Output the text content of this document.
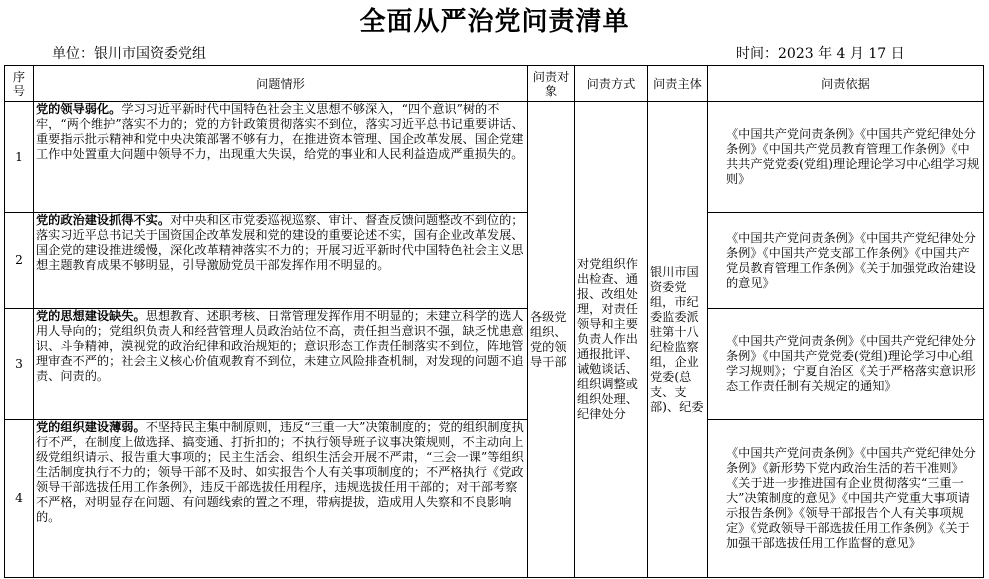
全面从严治党问责清单
单位：银川市国资委党组	时间：2023 年 4 月 17 日
序号	问题情形	问责对象	问责方式	问责主体	问责依据
1	党的领导弱化。学习习近平新时代中国特色社会主义思想不够深入，“四个意识”树的不牢，“两个维护”落实不力的；党的方针政策贯彻落实不到位，落实习近平总书记重要讲话、重要指示批示精神和党中央决策部署不够有力，在推进资本管理、国企改革发展、国企党建工作中处置重大问题中领导不力，出现重大失误，给党的事业和人民利益造成严重损失的。	各级党组织、党的领导干部	对党组织作出检查、通报、改组处理，对责任领导和主要负责人作出通报批评、诫勉谈话、组织调整或组织处理、纪律处分	银川市国资委党组，市纪委监委派驻第十八纪检监察组，企业党委(总支、支部)、纪委	《中国共产党问责条例》《中国共产党纪律处分条例》《中国共产党员教育管理工作条例》《中共共产党党委(党组)理论理论学习中心组学习规则》

2	党的政治建设抓得不实。对中央和区市党委巡视巡察、审计、督查反馈问题整改不到位的；落实习近平总书记关于国资国企改革发展和党的建设的重要论述不实，国有企业改革发展、国企党的建设推进缓慢，深化改革精神落实不力的；开展习近平新时代中国特色社会主义思想主题教育成果不够明显，引导激励党员干部发挥作用不明显的。				《中国共产党问责条例》《中国共产党纪律处分条例》《中国共产党支部工作条例》《中国共产党员教育管理工作条例》《关于加强党政治建设的意见》

3	党的思想建设缺失。思想教育、述职考核、日常管理发挥作用不明显的；未建立科学的选人用人导向的；党组织负责人和经营管理人员政治站位不高，责任担当意识不强，缺乏忧患意识、斗争精神，漠视党的政治纪律和政治规矩的；意识形态工作责任制落实不到位，阵地管理审查不严的；社会主义核心价值观教育不到位，未建立风险排查机制，对发现的问题不追责、问责的。				《中国共产党问责条例》《中国共产党纪律处分条例》《中国共产党党委(党组)理论学习中心组学习规则》；宁夏自治区《关于严格落实意识形态工作责任制有关规定的通知》

4	党的组织建设薄弱。不坚持民主集中制原则，违反“三重一大”决策制度的；党的组织制度执行不严，在制度上做选择、搞变通、打折扣的；不执行领导班子议事决策规则，不主动向上级党组织请示、报告重大事项的；民主生活会、组织生活会开展不严肃，“三会一课”等组织生活制度执行不力的；领导干部不及时、如实报告个人有关事项制度的；不严格执行《党政领导干部选拔任用工作条例》，违反干部选拔任用程序，违规选拔任用干部的；对干部考察不严格，对明显存在问题、有问题线索的置之不理，带病提拔，造成用人失察和不良影响的。				《中国共产党问责条例》《中国共产党纪律处分条例》《新形势下党内政治生活的若干准则》《关于进一步推进国有企业贯彻落实“三重一大”决策制度的意见》《中国共产党重大事项请示报告条例》《领导干部报告个人有关事项规定》《党政领导干部选拔任用工作条例》《关于加强干部选拔任用工作监督的意见》
